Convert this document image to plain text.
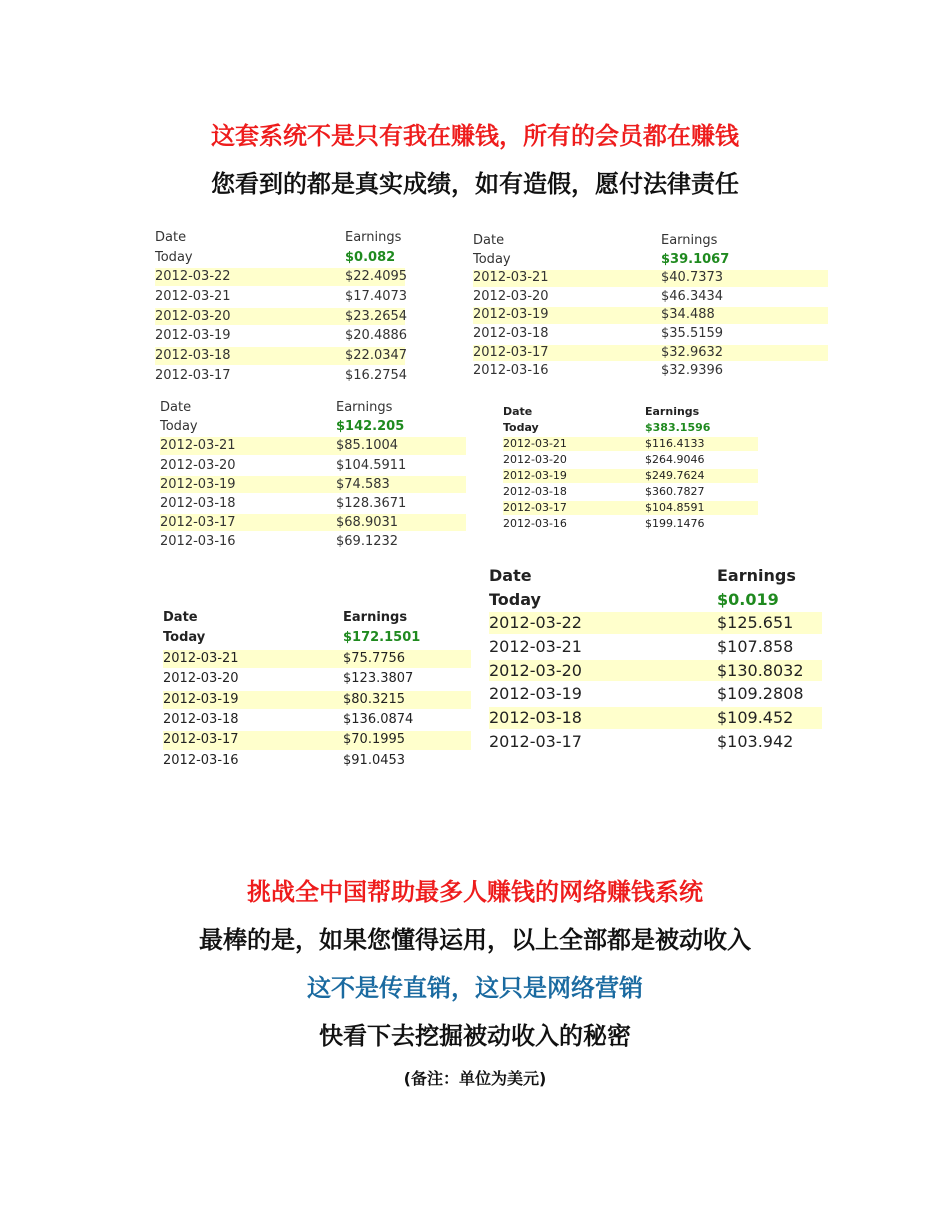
这套系统不是只有我在赚钱，所有的会员都在赚钱
您看到的都是真实成绩，如有造假，愿付法律责任
挑战全中国帮助最多人赚钱的网络赚钱系统
最棒的是，如果您懂得运用，以上全部都是被动收入
这不是传直销，这只是网络营销
快看下去挖掘被动收入的秘密
(备注：单位为美元)
Date	Earnings
Today	$0.082
2012-03-22	$22.4095
2012-03-21	$17.4073
2012-03-20	$23.2654
2012-03-19	$20.4886
2012-03-18	$22.0347
2012-03-17	$16.2754
Date	Earnings
Today	$39.1067
2012-03-21	$40.7373
2012-03-20	$46.3434
2012-03-19	$34.488
2012-03-18	$35.5159
2012-03-17	$32.9632
2012-03-16	$32.9396
Date	Earnings
Today	$142.205
2012-03-21	$85.1004
2012-03-20	$104.5911
2012-03-19	$74.583
2012-03-18	$128.3671
2012-03-17	$68.9031
2012-03-16	$69.1232
Date	Earnings
Today	$383.1596
2012-03-21	$116.4133
2012-03-20	$264.9046
2012-03-19	$249.7624
2012-03-18	$360.7827
2012-03-17	$104.8591
2012-03-16	$199.1476
Date	Earnings
Today	$172.1501
2012-03-21	$75.7756
2012-03-20	$123.3807
2012-03-19	$80.3215
2012-03-18	$136.0874
2012-03-17	$70.1995
2012-03-16	$91.0453
Date	Earnings
Today	$0.019
2012-03-22	$125.651
2012-03-21	$107.858
2012-03-20	$130.8032
2012-03-19	$109.2808
2012-03-18	$109.452
2012-03-17	$103.942
